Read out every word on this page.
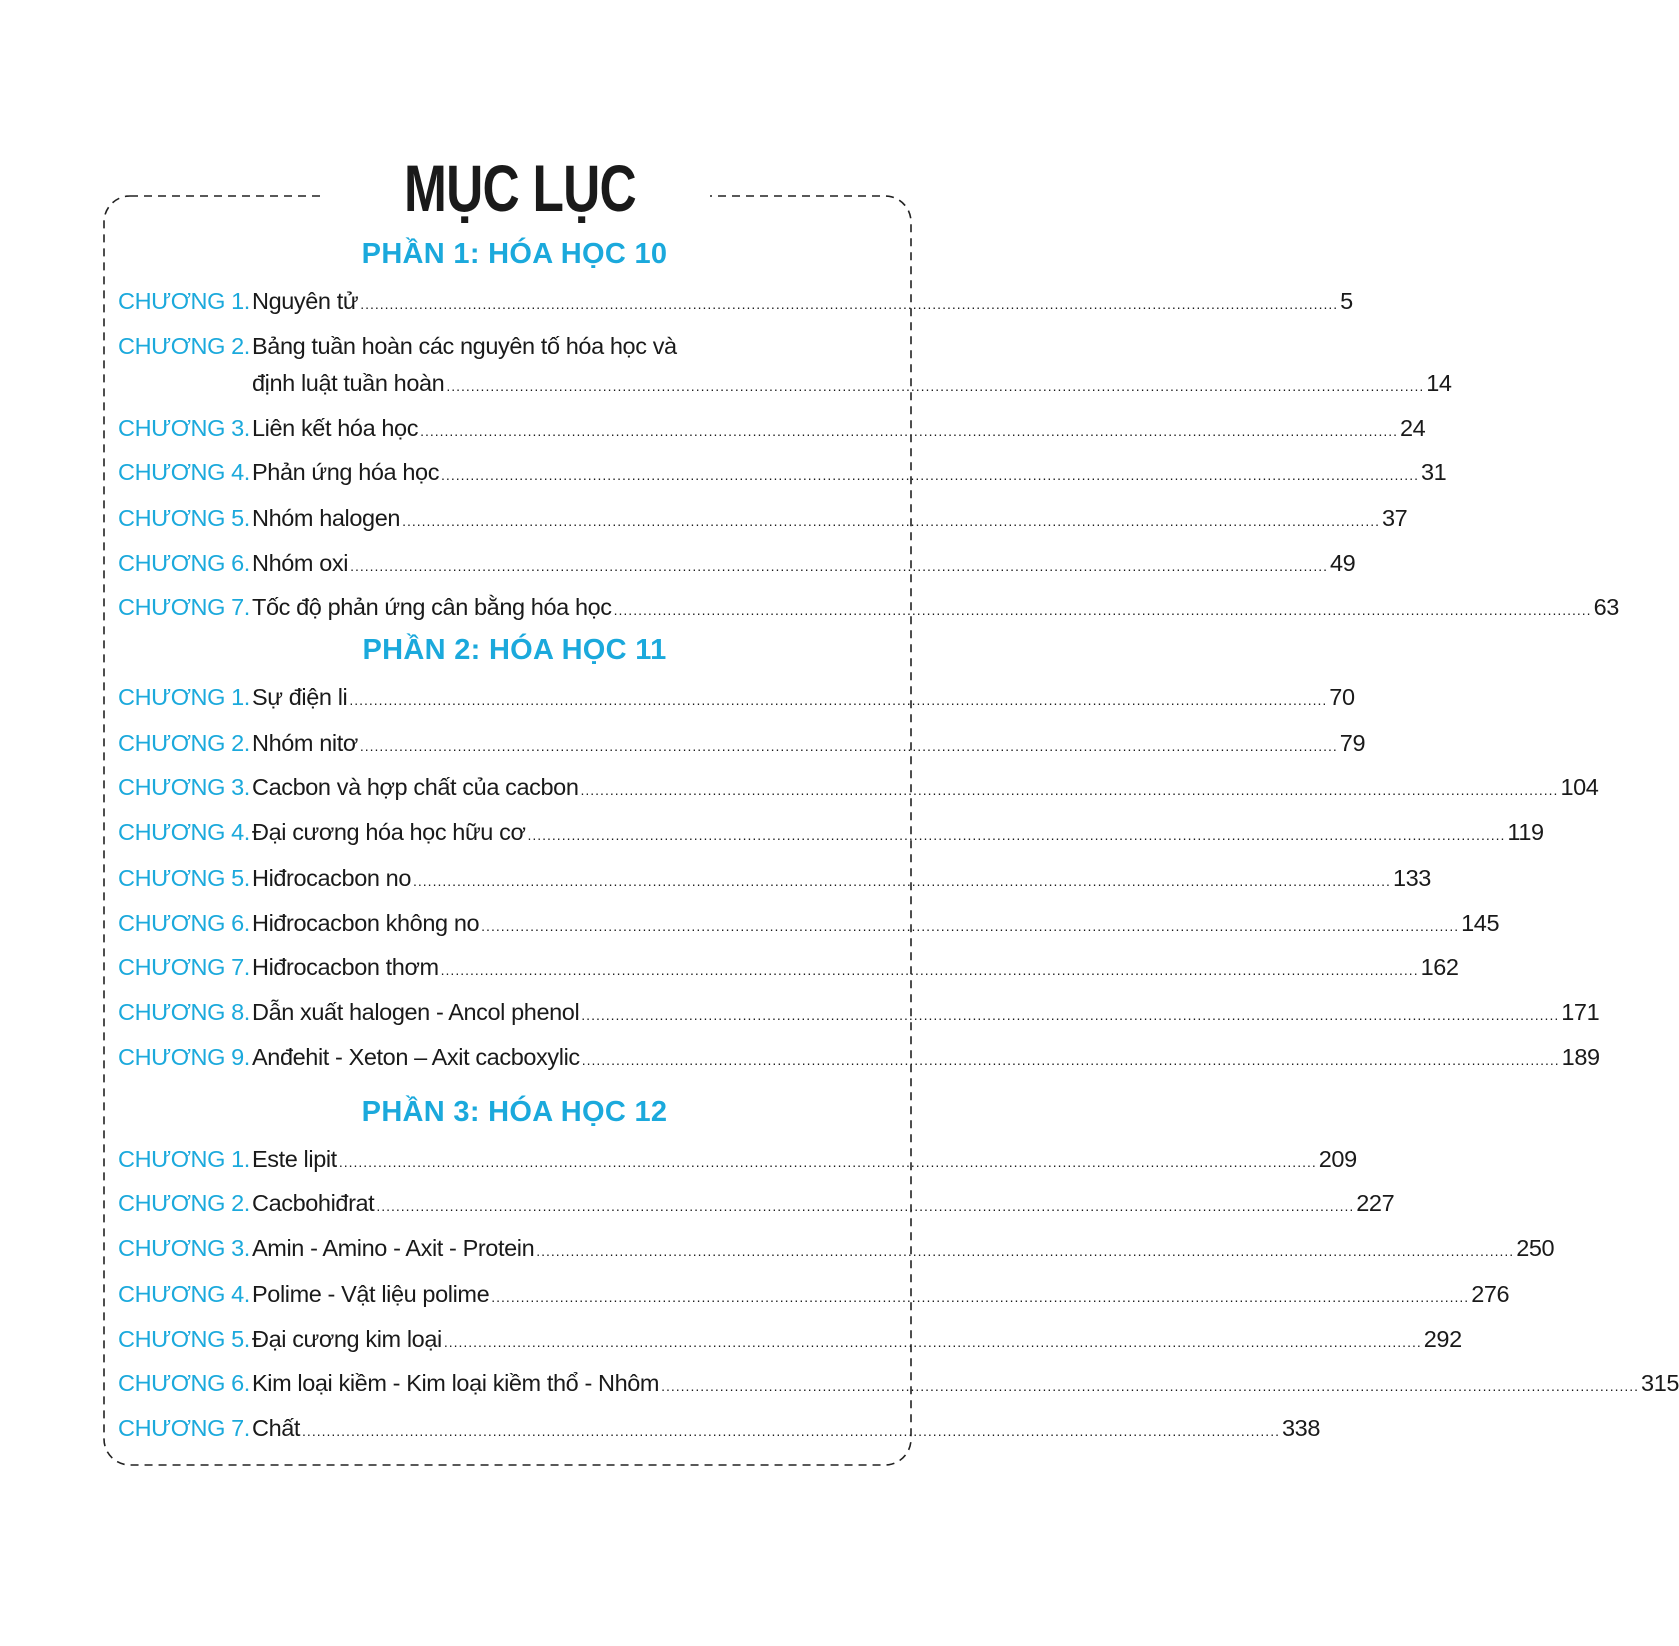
MỤC LỤC
PHẦN 1: HÓA HỌC 10
CHƯƠNG 1. Nguyên tử ........................................................................................................................................................................................................ 5
CHƯƠNG 2. Bảng tuần hoàn các nguyên tố hóa học và
định luật tuần hoàn ........................................................................................................................................................................................................ 14
CHƯƠNG 3. Liên kết hóa học ........................................................................................................................................................................................................ 24
CHƯƠNG 4. Phản ứng hóa học ........................................................................................................................................................................................................ 31
CHƯƠNG 5. Nhóm halogen ........................................................................................................................................................................................................ 37
CHƯƠNG 6. Nhóm oxi ........................................................................................................................................................................................................ 49
CHƯƠNG 7. Tốc độ phản ứng cân bằng hóa học ........................................................................................................................................................................................................ 63
PHẦN 2: HÓA HỌC 11
CHƯƠNG 1. Sự điện li ........................................................................................................................................................................................................ 70
CHƯƠNG 2. Nhóm nitơ ........................................................................................................................................................................................................ 79
CHƯƠNG 3. Cacbon và hợp chất của cacbon ........................................................................................................................................................................................................ 104
CHƯƠNG 4. Đại cương hóa học hữu cơ ........................................................................................................................................................................................................ 119
CHƯƠNG 5. Hiđrocacbon no ........................................................................................................................................................................................................ 133
CHƯƠNG 6. Hiđrocacbon không no ........................................................................................................................................................................................................ 145
CHƯƠNG 7. Hiđrocacbon thơm ........................................................................................................................................................................................................ 162
CHƯƠNG 8. Dẫn xuất halogen - Ancol phenol ........................................................................................................................................................................................................ 171
CHƯƠNG 9. Anđehit - Xeton – Axit cacboxylic ........................................................................................................................................................................................................ 189
PHẦN 3: HÓA HỌC 12
CHƯƠNG 1. Este lipit ........................................................................................................................................................................................................ 209
CHƯƠNG 2. Cacbohiđrat ........................................................................................................................................................................................................ 227
CHƯƠNG 3. Amin - Amino - Axit - Protein ........................................................................................................................................................................................................ 250
CHƯƠNG 4. Polime - Vật liệu polime ........................................................................................................................................................................................................ 276
CHƯƠNG 5. Đại cương kim loại ........................................................................................................................................................................................................ 292
CHƯƠNG 6. Kim loại kiềm - Kim loại kiềm thổ - Nhôm ........................................................................................................................................................................................................ 315
CHƯƠNG 7. Chất ........................................................................................................................................................................................................ 338
